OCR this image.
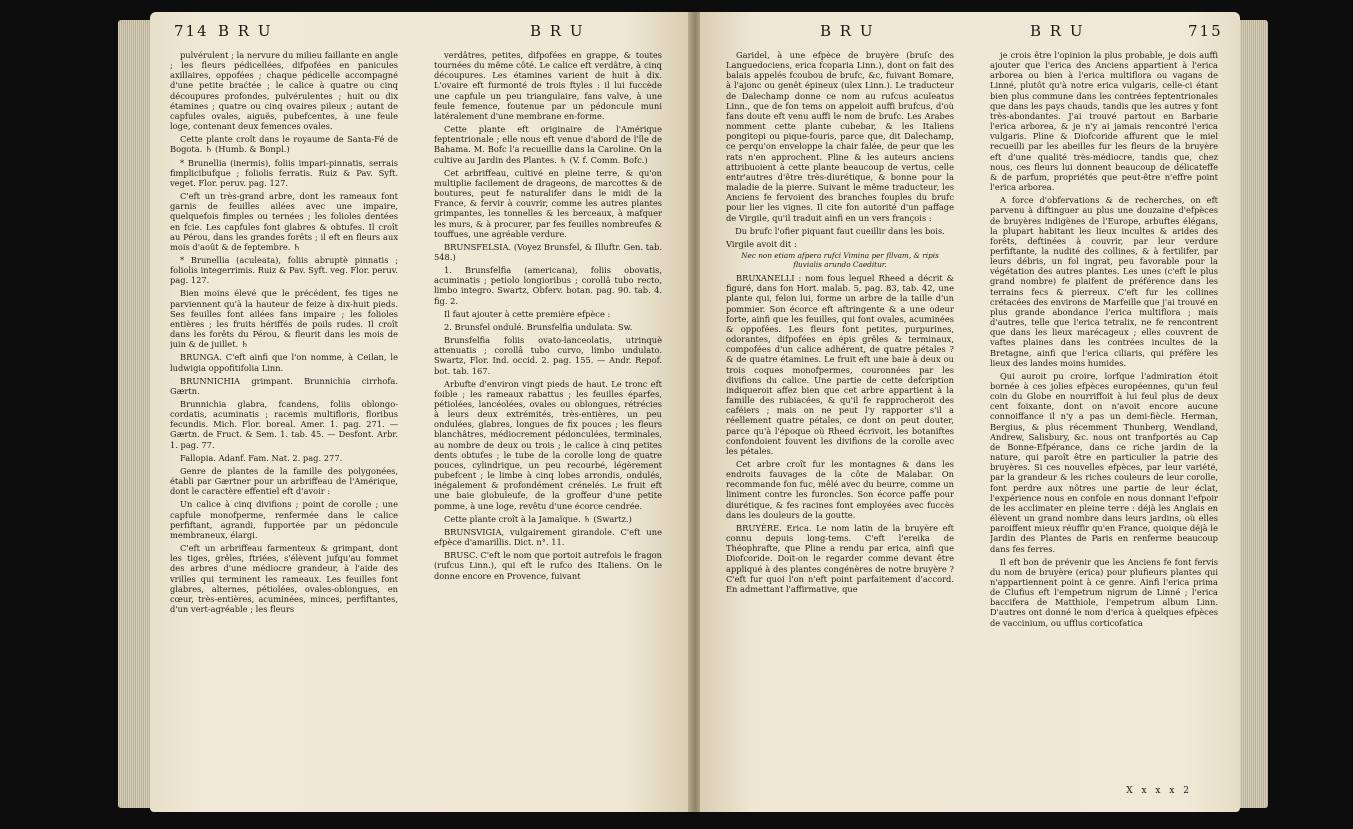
714 B R U	B R U

pulvérulent ; la nervure du milieu faillante en angle ; les fleurs pédicellées, difpofées en panicules axillaires, oppofées ; chaque pédicelle accompagné d'une petite braćtée ; le calice à quatre ou cinq découpures profondes, pulvérulentes ; huit ou dix étamines ; quatre ou cinq ovaires pileux ; autant de capfules ovales, aiguës, pubefcentes, à une feule loge, contenant deux femences ovales.

Cette plante croît dans le royaume de Santa-Fé de Bogota. ♄ (Humb. & Bonpl.)

* Brunellia (inermis), foliis impari-pinnatis, serrais fimplicibufque ; foliolis ferratis. Ruiz & Pav. Syft. veget. Flor. peruv. pag. 127.

C'eft un très-grand arbre, dont les rameaux font garnis de feuilles ailées avec une impaire, quelquefois fimples ou ternées ; les folioles dentées en fcie. Les capfules font glabres & obtufes. Il croît au Pérou, dans les grandes forêts ; il eft en fleurs aux mois d'août & de feptembre. ♄

* Brunellia (aculeata), foliis abruptè pinnatis ; foliolis integerrimis. Ruiz & Pav. Syft. veg. Flor. peruv. pag. 127.

Bien moins élevé que le précédent, fes tiges ne parviennent qu'à la hauteur de feize à dix-huit pieds. Ses feuilles font ailées fans impaire ; les folioles entières ; les fruits hériffés de poils rudes. Il croît dans les forêts du Pérou, & fleurit dans les mois de juin & de juillet. ♄

BRUNGA. C'eft ainfi que l'on nomme, à Ceilan, le ludwigia oppofitifolia Linn.

BRUNNICHIA grimpant. Brunnichia cirrhofa. Gærtn.

Brunnichia glabra, fcandens, foliis oblongo-cordatis, acuminatis ; racemis multifloris, floribus fecundis. Mich. Flor. boreal. Amer. 1. pag. 271. — Gærtn. de Fruct. & Sem. 1. tab. 45. — Desfont. Arbr. 1. pag. 77.

Fallopia. Adanf. Fam. Nat. 2. pag. 277.

Genre de plantes de la famille des polygonées, établi par Gærtner pour un arbriffeau de l'Amérique, dont le caractère effentiel eft d'avoir :

Un calice à cinq divifions ; point de corolle ; une capfule monofperme, renfermée dans le calice perfiftant, agrandi, fupportée par un pédoncule membraneux, élargi.

C'eft un arbriffeau farmenteux & grimpant, dont les tiges, grêles, ftriées, s'élèvent jufqu'au fommet des arbres d'une médiocre grandeur, à l'aide des vrilles qui terminent les rameaux. Les feuilles font glabres, alternes, pétiolées, ovales-oblongues, en cœur, très-entières, acuminées, minces, perfiftantes, d'un vert-agréable ; les fleurs

verdâtres, petites, difpofées en grappe, & toutes tournées du même côté. Le calice eft verdâtre, à cinq découpures. Les étamines varient de huit à dix. L'ovaire eft furmonté de trois ftyles : il lui fuccède une capfule un peu triangulaire, fans valve, à une feule femence, foutenue par un pédoncule muni latéralement d'une membrane en-forme.

Cette plante eft originaire de l'Amérique feptentrionale ; elle nous eft venue d'abord de l'île de Bahama. M. Bofc l'a recueillie dans la Caroline. On la cultive au Jardin des Plantes. ♄ (V. f. Comm. Bofc.)

Cet arbriffeau, cultivé en pleine terre, & qu'on multiplie facilement de drageons, de marcottes & de boutures, peut fe naturalifer dans le midi de la France, & fervir à couvrir, comme les autres plantes grimpantes, les tonnelles & les berceaux, à mafquer les murs, & à procurer, par fes feuilles nombreufes & touffues, une agréable verdure.

BRUNSFELSIA. (Voyez Brunsfel, & Illuftr. Gen. tab. 548.)

1. Brunsfelfia (americana), foliis obovatis, acuminatis ; petiolo longioribus ; corollâ tubo recto, limbo integro. Swartz, Obferv. botan. pag. 90. tab. 4. fig. 2.

Il faut ajouter à cette première efpèce :

2. Brunsfel ondulé. Brunsfelfia undulata. Sw.

Brunsfelfia foliis ovato-lanceolatis, utrinquè attenuatis ; corollâ tubo curvo, limbo undulato. Swartz, Flor. Ind. occid. 2. pag. 155. — Andr. Repof. bot. tab. 167.

Arbufte d'environ vingt pieds de haut. Le tronc eft foible ; les rameaux rabattus ; les feuilles éparfes, pétiolées, lancéolées, ovales ou oblongues, rétrécies à leurs deux extrémités, très-entières, un peu ondulées, glabres, longues de fix pouces ; les fleurs blanchâtres, médiocrement pédonculées, terminales, au nombre de deux ou trois ; le calice à cinq petites dents obtufes ; le tube de la corolle long de quatre pouces, cylindrique, un peu recourbé, légèrement pubefcent ; le limbe à cinq lobes arrondis, ondulés, inégalement & profondément crénelés. Le fruit eft une baie globuleufe, de la groffeur d'une petite pomme, à une loge, revêtu d'une écorce cendrée.

Cette plante croît à la Jamaïque. ♄ (Swartz.)

BRUNSVIGIA, vulgairement girandole. C'eft une efpèce d'amarillis. Dict. n°. 11.

BRUSC. C'eft le nom que portoit autrefois le fragon (rufcus Linn.), qui eft le rufco des Italiens. On le donne encore en Provence, fuivant

B R U	B R U	715

Garidel, à une efpèce de bruyère (bruſc des Languedociens, erica fcoparia Linn.), dont on fait des balais appelés fcoubou de brufc, &c, fuivant Bomare, à l'ajonc ou genêt épineux (ulex Linn.). Le traducteur de Dalechamp donne ce nom au rufcus aculeatus Linn., que de fon tems on appeloit auffi brufcus, d'où fans doute eft venu auffi le nom de brufc. Les Arabes nomment cette plante cubebar, & les Italiens pongitopi ou pique-fouris, parce que, dit Dalechamp, ce perqu'on enveloppe la chair falée, de peur que les rats n'en approchent. Pline & les auteurs anciens attribuoient à cette plante beaucoup de vertus, celle entr'autres d'être très-diurétique, & bonne pour la maladie de la pierre. Suivant le même traducteur, les Anciens fe fervoient des branches fouples du brufc pour lier les vignes. Il cite fon autorité d'un paffage de Virgile, qu'il traduit ainfi en un vers françois :

Du brufc l'ofier piquant faut cueillir dans les bois.

Virgile avoit dit :

Nec non etiam afpera rufci Vimina per fllvam, & ripis fluvialis arundo Caeditur.

BRUXANELLI : nom fous lequel Rheed a décrit & figuré, dans fon Hort. malab. 5, pag. 83, tab. 42, une plante qui, felon lui, forme un arbre de la taille d'un pommier. Son écorce eft aftringente & a une odeur forte, ainfi que les feuilles, qui font ovales, acuminées & oppofées. Les fleurs font petites, purpurines, odorantes, difpofées en épis grêles & terminaux, compofées d'un calice adhérent, de quatre pétales ? & de quatre étamines. Le fruit eft une baie à deux ou trois coques monofpermes, couronnées par les divifions du calice. Une partie de cette defcription indiqueroit affez bien que cet arbre appartient à la famille des rubiacées, & qu'il fe rapprocheroit des caféiers ; mais on ne peut l'y rapporter s'il a réellement quatre pétales, ce dont on peut douter, parce qu'à l'époque où Rheed écrivoit, les botaniftes confondoient fouvent les divifions de la corolle avec les pétales.

Cet arbre croît fur les montagnes & dans les endroits fauvages de la côte de Malabar. On recommande fon fuc, mêlé avec du beurre, comme un liniment contre les furoncles. Son écorce paffe pour diurétique, & fes racines font employées avec fuccès dans les douleurs de la goutte.

BRUYÈRE. Erica. Le nom latin de la bruyère eft connu depuis long-tems. C'eft l'ereika de Théophrafte, que Pline a rendu par erica, ainfi que Diofcoride. Doit-on le regarder comme devant être appliqué à des plantes congénères de notre bruyère ? C'eft fur quoi l'on n'eft point parfaitement d'accord. En admettant l'affirmative, que

je crois être l'opinion la plus probable, je dois auffi ajouter que l'erica des Anciens appartient à l'erica arborea ou bien à l'erica multiflora ou vagans de Linné, plutôt qu'à notre erica vulgaris, celle-ci étant bien plus commune dans les contrées feptentrionales que dans les pays chauds, tandis que les autres y font très-abondantes. J'ai trouvé partout en Barbarie l'erica arborea, & je n'y ai jamais rencontré l'erica vulgaris. Pline & Diofcoride affurent que le miel recueilli par les abeilles fur les fleurs de la bruyère eft d'une qualité très-médiocre, tandis que, chez nous, ces fleurs lui donnent beaucoup de délicateffe & de parfum, propriétés que peut-être n'effre point l'erica arborea.

A force d'obfervations & de recherches, on eft parvenu à diftinguer au plus une douzaine d'efpèces de bruyères indigènes de l'Europe, arbuftes élégans, la plupart habitant les lieux incultes & arides des forêts, deftinées à couvrir, par leur verdure perfiftante, la nudité des collines, & à fertilifer, par leurs débris, un fol ingrat, peu favorable pour la végétation des autres plantes. Les unes (c'eft le plus grand nombre) fe plaifent de préférence dans les terrains fecs & pierreux. C'eft fur les collines crétacées des environs de Marfeille que j'ai trouvé en plus grande abondance l'erica multiflora ; mais d'autres, telle que l'erica tetralix, ne fe rencontrent que dans les lieux marécageux ; elles couvrent de vaftes plaines dans les contrées incultes de la Bretagne, ainfi que l'erica ciliaris, qui préfère les lieux des landes moins humides.

Qui auroit pu croire, lorfque l'admiration étoit bornée à ces jolies efpèces européennes, qu'un feul coin du Globe en nourriffoit à lui feul plus de deux cent foixante, dont on n'avoit encore aucune connoiffance il n'y a pas un demi-fiècle. Herman, Bergius, & plus récemment Thunberg, Wendland, Andrew, Salisbury, &c. nous ont tranfportés au Cap de Bonne-Efpérance, dans ce riche jardin de la nature, qui paroît être en particulier la patrie des bruyères. Si ces nouvelles efpèces, par leur variété, par la grandeur & les riches couleurs de leur corolle, font perdre aux nôtres une partie de leur éclat, l'expérience nous en confole en nous donnant l'efpoir de les acclimater en pleine terre : déjà les Anglais en élèvent un grand nombre dans leurs jardins, où elles paroiffent mieux réuffir qu'en France, quoique déjà le Jardin des Plantes de Paris en renferme beaucoup dans fes ferres.

Il eft bon de prévenir que les Anciens fe font fervis du nom de bruyère (erica) pour plufieurs plantes qui n'appartiennent point à ce genre. Ainfi l'erica prima de Clufius eft l'empetrum nigrum de Linné ; l'erica baccifera de Matthiole, l'empetrum album Linn. D'autres ont donné le nom d'erica à quelques efpèces de vaccinium, ou ufflus corticofatica

X x x x 2
